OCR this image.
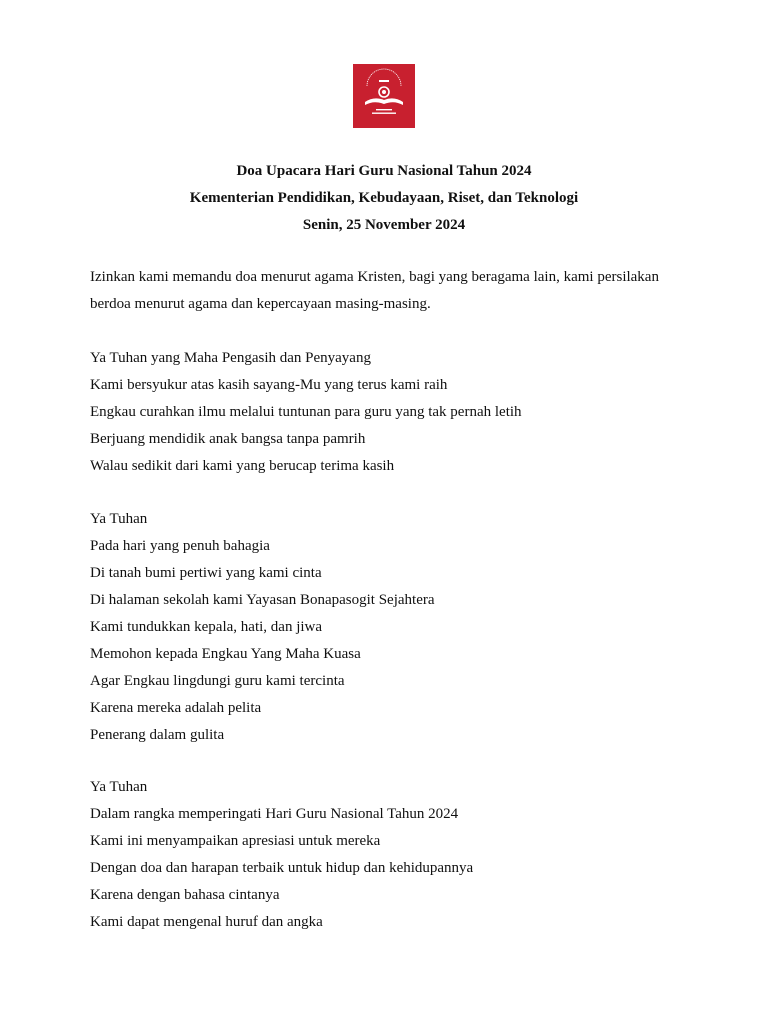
Doa Upacara Hari Guru Nasional Tahun 2024
Kementerian Pendidikan, Kebudayaan, Riset, dan Teknologi
Senin, 25 November 2024
Izinkan kami memandu doa menurut agama Kristen, bagi yang beragama lain, kami persilakan
berdoa menurut agama dan kepercayaan masing-masing.
Ya Tuhan yang Maha Pengasih dan Penyayang
Kami bersyukur atas kasih sayang-Mu yang terus kami raih
Engkau curahkan ilmu melalui tuntunan para guru yang tak pernah letih
Berjuang mendidik anak bangsa tanpa pamrih
Walau sedikit dari kami yang berucap terima kasih
Ya Tuhan
Pada hari yang penuh bahagia
Di tanah bumi pertiwi yang kami cinta
Di halaman sekolah kami Yayasan Bonapasogit Sejahtera
Kami tundukkan kepala, hati, dan jiwa
Memohon kepada Engkau Yang Maha Kuasa
Agar Engkau lingdungi guru kami tercinta
Karena mereka adalah pelita
Penerang dalam gulita
Ya Tuhan
Dalam rangka memperingati Hari Guru Nasional Tahun 2024
Kami ini menyampaikan apresiasi untuk mereka
Dengan doa dan harapan terbaik untuk hidup dan kehidupannya
Karena dengan bahasa cintanya
Kami dapat mengenal huruf dan angka
